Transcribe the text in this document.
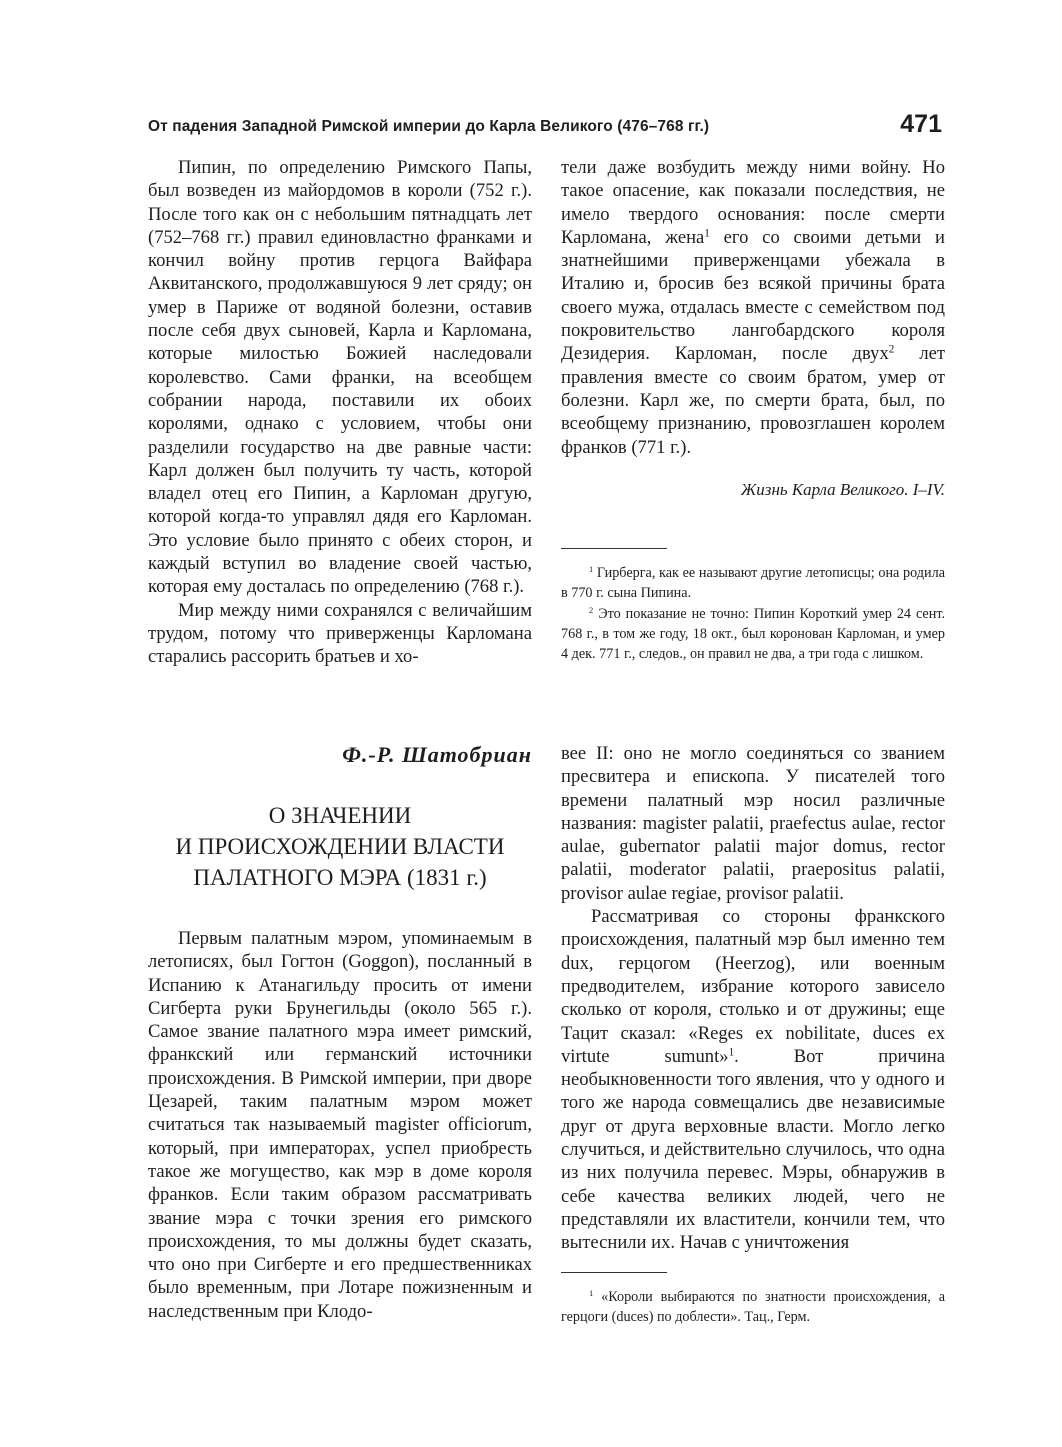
От падения Западной Римской империи до Карла Великого (476–768 гг.)	471

Пипин, по определению Римского Папы, был возведен из майордомов в короли (752 г.). После того как он с небольшим пятнадцать лет (752–768 гг.) правил единовластно франками и кончил войну против герцога Вайфара Аквитанского, продолжавшуюся 9 лет сряду; он умер в Париже от водяной болезни, оставив после себя двух сыновей, Карла и Карломана, которые милостью Божией наследовали королевство. Сами франки, на всеобщем собрании народа, поставили их обоих королями, однако с условием, чтобы они разделили государство на две равные части: Карл должен был получить ту часть, которой владел отец его Пипин, а Карломан другую, которой когда-то управлял дядя его Карломан. Это условие было принято с обеих сторон, и каждый вступил во владение своей частью, которая ему досталась по определению (768 г.).

Мир между ними сохранялся с величайшим трудом, потому что приверженцы Карломана старались рассорить братьев и хо-

тели даже возбудить между ними войну. Но такое опасение, как показали последствия, не имело твердого основания: после смерти Карломана, жена$^1$ его со своими детьми и знатнейшими приверженцами убежала в Италию и, бросив без всякой причины брата своего мужа, отдалась вместе с семейством под покровительство лангобардского короля Дезидерия. Карломан, после двух$^2$ лет правления вместе со своим братом, умер от болезни. Карл же, по смерти брата, был, по всеобщему признанию, провозглашен королем франков (771 г.).

Жизнь Карла Великого. I–IV.

$^1$ Гирберга, как ее называют другие летописцы; она родила в 770 г. сына Пипина.

$^2$ Это показание не точно: Пипин Короткий умер 24 сент. 768 г., в том же году, 18 окт., был коронован Карломан, и умер 4 дек. 771 г., следов., он правил не два, а три года с лишком.

Ф.-Р. Шатобриан
О ЗНАЧЕНИИ
И ПРОИСХОЖДЕНИИ ВЛАСТИ
ПАЛАТНОГО МЭРА (1831 г.)

Первым палатным мэром, упоминаемым в летописях, был Гогтон (Goggon), посланный в Испанию к Атанагильду просить от имени Сигберта руки Брунегильды (около 565 г.). Самое звание палатного мэра имеет римский, франкский или германский источники происхождения. В Римской империи, при дворе Цезарей, таким палатным мэром может считаться так называемый magister officiorum, который, при императорах, успел приобресть такое же могущество, как мэр в доме короля франков. Если таким образом рассматривать звание мэра с точки зрения его римского происхождения, то мы должны будет сказать, что оно при Сигберте и его предшественниках было временным, при Лотаре пожизненным и наследственным при Клодо-

вее II: оно не могло соединяться со званием пресвитера и епископа. У писателей того времени палатный мэр носил различные названия: magister palatii, praefectus aulae, rector aulae, gubernator palatii major domus, rector palatii, moderator palatii, praepositus palatii, provisor aulae regiae, provisor palatii.

Рассматривая со стороны франкского происхождения, палатный мэр был именно тем dux, герцогом (Heerzog), или военным предводителем, избрание которого зависело сколько от короля, столько и от дружины; еще Тацит сказал: «Reges ex nobilitate, duces ex virtute sumunt»$^1$. Вот причина необыкновенности того явления, что у одного и того же народа совмещались две независимые друг от друга верховные власти. Могло легко случиться, и действительно случилось, что одна из них получила перевес. Мэры, обнаружив в себе качества великих людей, чего не представляли их властители, кончили тем, что вытеснили их. Начав с уничтожения

$^1$ «Короли выбираются по знатности происхождения, а герцоги (duces) по доблести». Тац., Герм.
